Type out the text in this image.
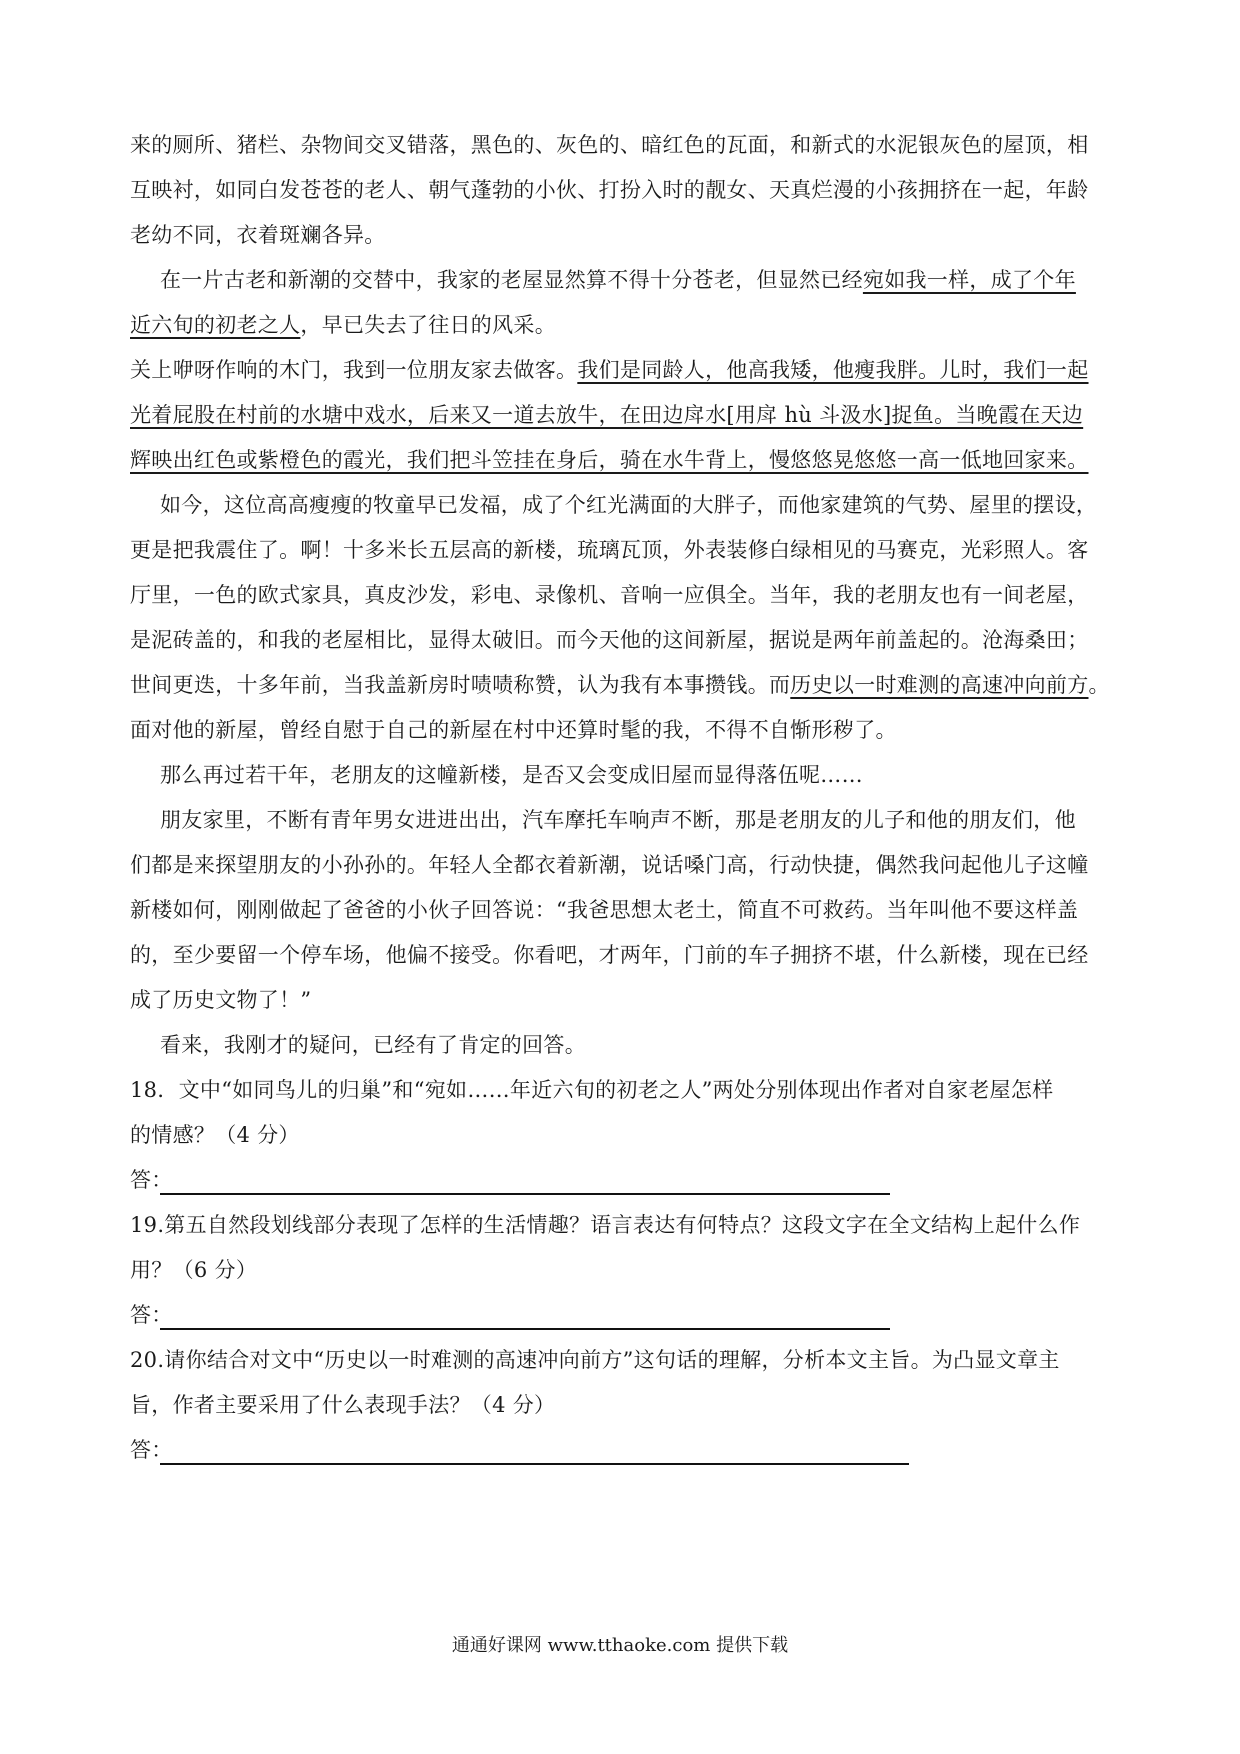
来的厕所、猪栏、杂物间交叉错落，黑色的、灰色的、暗红色的瓦面，和新式的水泥银灰色的屋顶，相
互映衬，如同白发苍苍的老人、朝气蓬勃的小伙、打扮入时的靓女、天真烂漫的小孩拥挤在一起，年龄
老幼不同，衣着斑斓各异。
在一片古老和新潮的交替中，我家的老屋显然算不得十分苍老，但显然已经宛如我一样，成了个年
近六旬的初老之人，早已失去了往日的风采。
关上咿呀作响的木门，我到一位朋友家去做客。我们是同龄人，他高我矮，他瘦我胖。儿时，我们一起
光着屁股在村前的水塘中戏水，后来又一道去放牛，在田边戽水[用戽 hù 斗汲水]捉鱼。当晚霞在天边
辉映出红色或紫橙色的霞光，我们把斗笠挂在身后，骑在水牛背上，慢悠悠晃悠悠一高一低地回家来。
如今，这位高高瘦瘦的牧童早已发福，成了个红光满面的大胖子，而他家建筑的气势、屋里的摆设，
更是把我震住了。啊！十多米长五层高的新楼，琉璃瓦顶，外表装修白绿相见的马赛克，光彩照人。客
厅里，一色的欧式家具，真皮沙发，彩电、录像机、音响一应俱全。当年，我的老朋友也有一间老屋，
是泥砖盖的，和我的老屋相比，显得太破旧。而今天他的这间新屋，据说是两年前盖起的。沧海桑田；
世间更迭，十多年前，当我盖新房时啧啧称赞，认为我有本事攒钱。而历史以一时难测的高速冲向前方。
面对他的新屋，曾经自慰于自己的新屋在村中还算时髦的我，不得不自惭形秽了。
那么再过若干年，老朋友的这幢新楼，是否又会变成旧屋而显得落伍呢……
朋友家里，不断有青年男女进进出出，汽车摩托车响声不断，那是老朋友的儿子和他的朋友们，他
们都是来探望朋友的小孙孙的。年轻人全都衣着新潮，说话嗓门高，行动快捷，偶然我问起他儿子这幢
新楼如何，刚刚做起了爸爸的小伙子回答说：“我爸思想太老土，简直不可救药。当年叫他不要这样盖
的，至少要留一个停车场，他偏不接受。你看吧，才两年，门前的车子拥挤不堪，什么新楼，现在已经
成了历史文物了！”
看来，我刚才的疑问，已经有了肯定的回答。
18．文中“如同鸟儿的归巢”和“宛如……年近六旬的初老之人”两处分别体现出作者对自家老屋怎样
的情感？（4 分）
答：
19.第五自然段划线部分表现了怎样的生活情趣？语言表达有何特点？这段文字在全文结构上起什么作
用？（6 分）
答：
20.请你结合对文中“历史以一时难测的高速冲向前方”这句话的理解，分析本文主旨。为凸显文章主
旨，作者主要采用了什么表现手法？（4 分）
答：
通通好课网 www.tthaoke.com 提供下载
